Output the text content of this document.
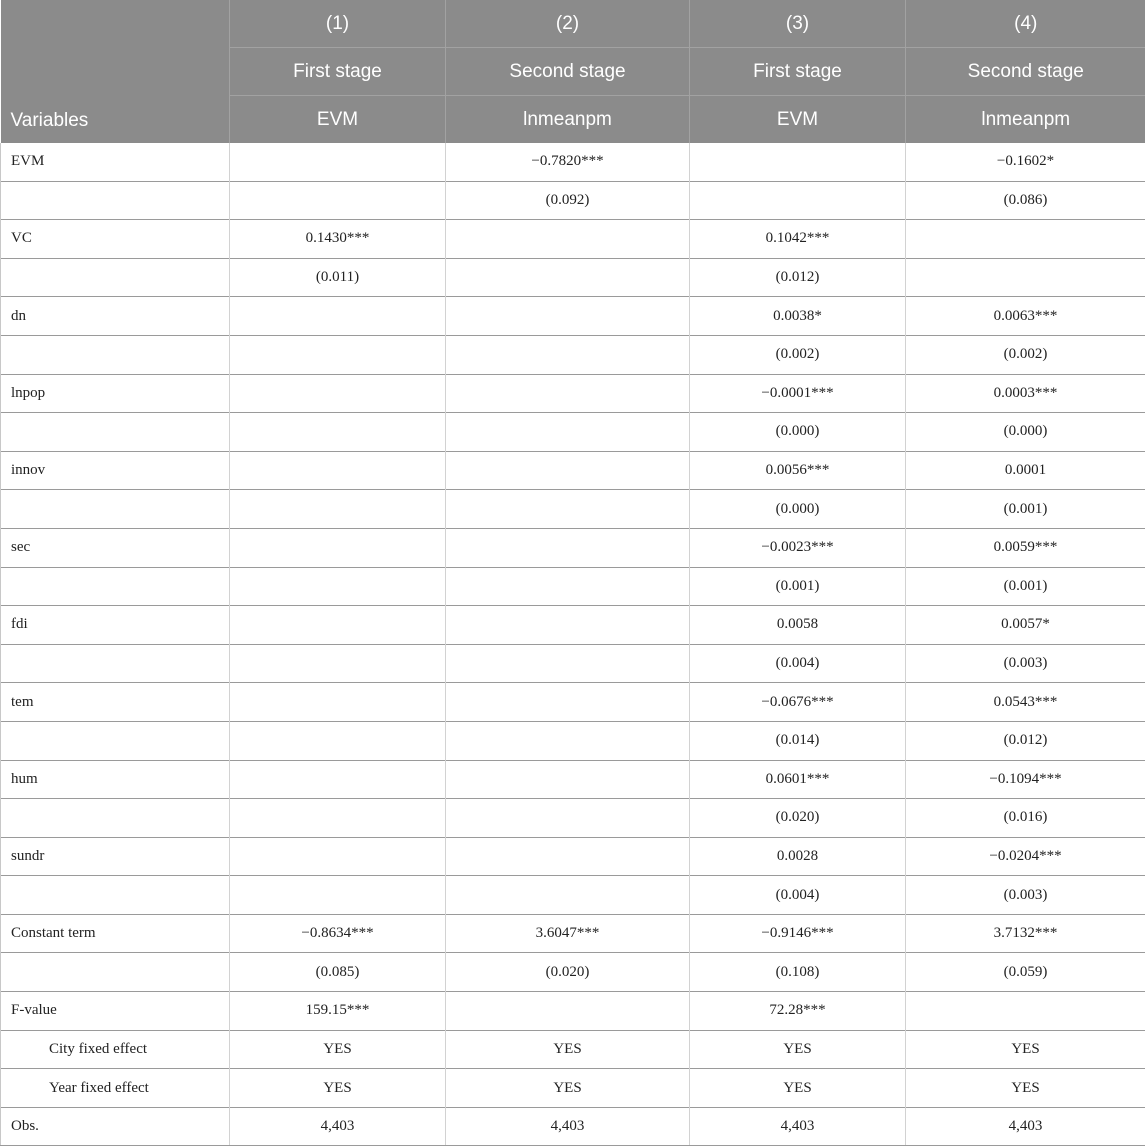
Variables	(1)	(2)	(3)	(4)
	First stage	Second stage	First stage	Second stage
	EVM	lnmeanpm	EVM	lnmeanpm
EVM		−0.7820***		−0.1602*
		(0.092)		(0.086)
VC	0.1430***		0.1042***	
	(0.011)		(0.012)	
dn			0.0038*	0.0063***
			(0.002)	(0.002)
lnpop			−0.0001***	0.0003***
			(0.000)	(0.000)
innov			0.0056***	0.0001
			(0.000)	(0.001)
sec			−0.0023***	0.0059***
			(0.001)	(0.001)
fdi			0.0058	0.0057*
			(0.004)	(0.003)
tem			−0.0676***	0.0543***
			(0.014)	(0.012)
hum			0.0601***	−0.1094***
			(0.020)	(0.016)
sundr			0.0028	−0.0204***
			(0.004)	(0.003)
Constant term	−0.8634***	3.6047***	−0.9146***	3.7132***
	(0.085)	(0.020)	(0.108)	(0.059)
F-value	159.15***		72.28***	
City fixed effect	YES	YES	YES	YES
Year fixed effect	YES	YES	YES	YES
Obs.	4,403	4,403	4,403	4,403
